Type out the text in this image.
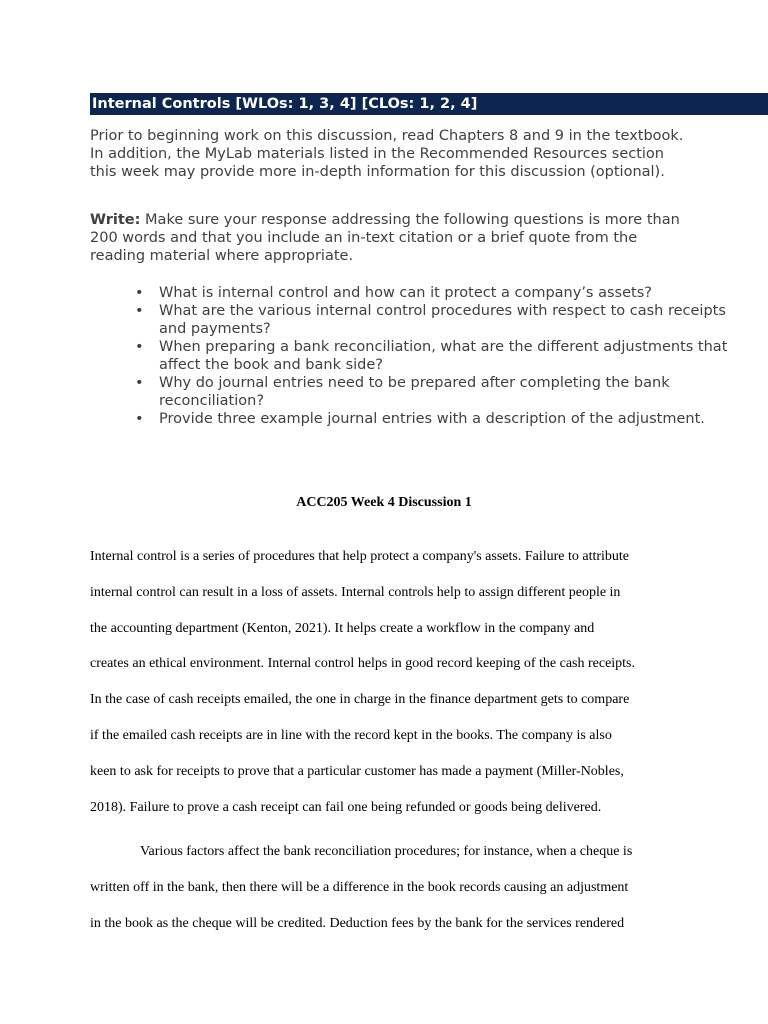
Internal Controls [WLOs: 1, 3, 4] [CLOs: 1, 2, 4]

Prior to beginning work on this discussion, read Chapters 8 and 9 in the textbook. In addition, the MyLab materials listed in the Recommended Resources section this week may provide more in-depth information for this discussion (optional).

Write: Make sure your response addressing the following questions is more than 200 words and that you include an in-text citation or a brief quote from the reading material where appropriate.

• What is internal control and how can it protect a company’s assets?
• What are the various internal control procedures with respect to cash receipts and payments?
• When preparing a bank reconciliation, what are the different adjustments that affect the book and bank side?
• Why do journal entries need to be prepared after completing the bank reconciliation?
• Provide three example journal entries with a description of the adjustment.

ACC205 Week 4 Discussion 1

Internal control is a series of procedures that help protect a company's assets. Failure to attribute
internal control can result in a loss of assets. Internal controls help to assign different people in
the accounting department (Kenton, 2021). It helps create a workflow in the company and
creates an ethical environment. Internal control helps in good record keeping of the cash receipts.
In the case of cash receipts emailed, the one in charge in the finance department gets to compare
if the emailed cash receipts are in line with the record kept in the books. The company is also
keen to ask for receipts to prove that a particular customer has made a payment (Miller-Nobles,
2018). Failure to prove a cash receipt can fail one being refunded or goods being delivered.

Various factors affect the bank reconciliation procedures; for instance, when a cheque is
written off in the bank, then there will be a difference in the book records causing an adjustment
in the book as the cheque will be credited. Deduction fees by the bank for the services rendered
